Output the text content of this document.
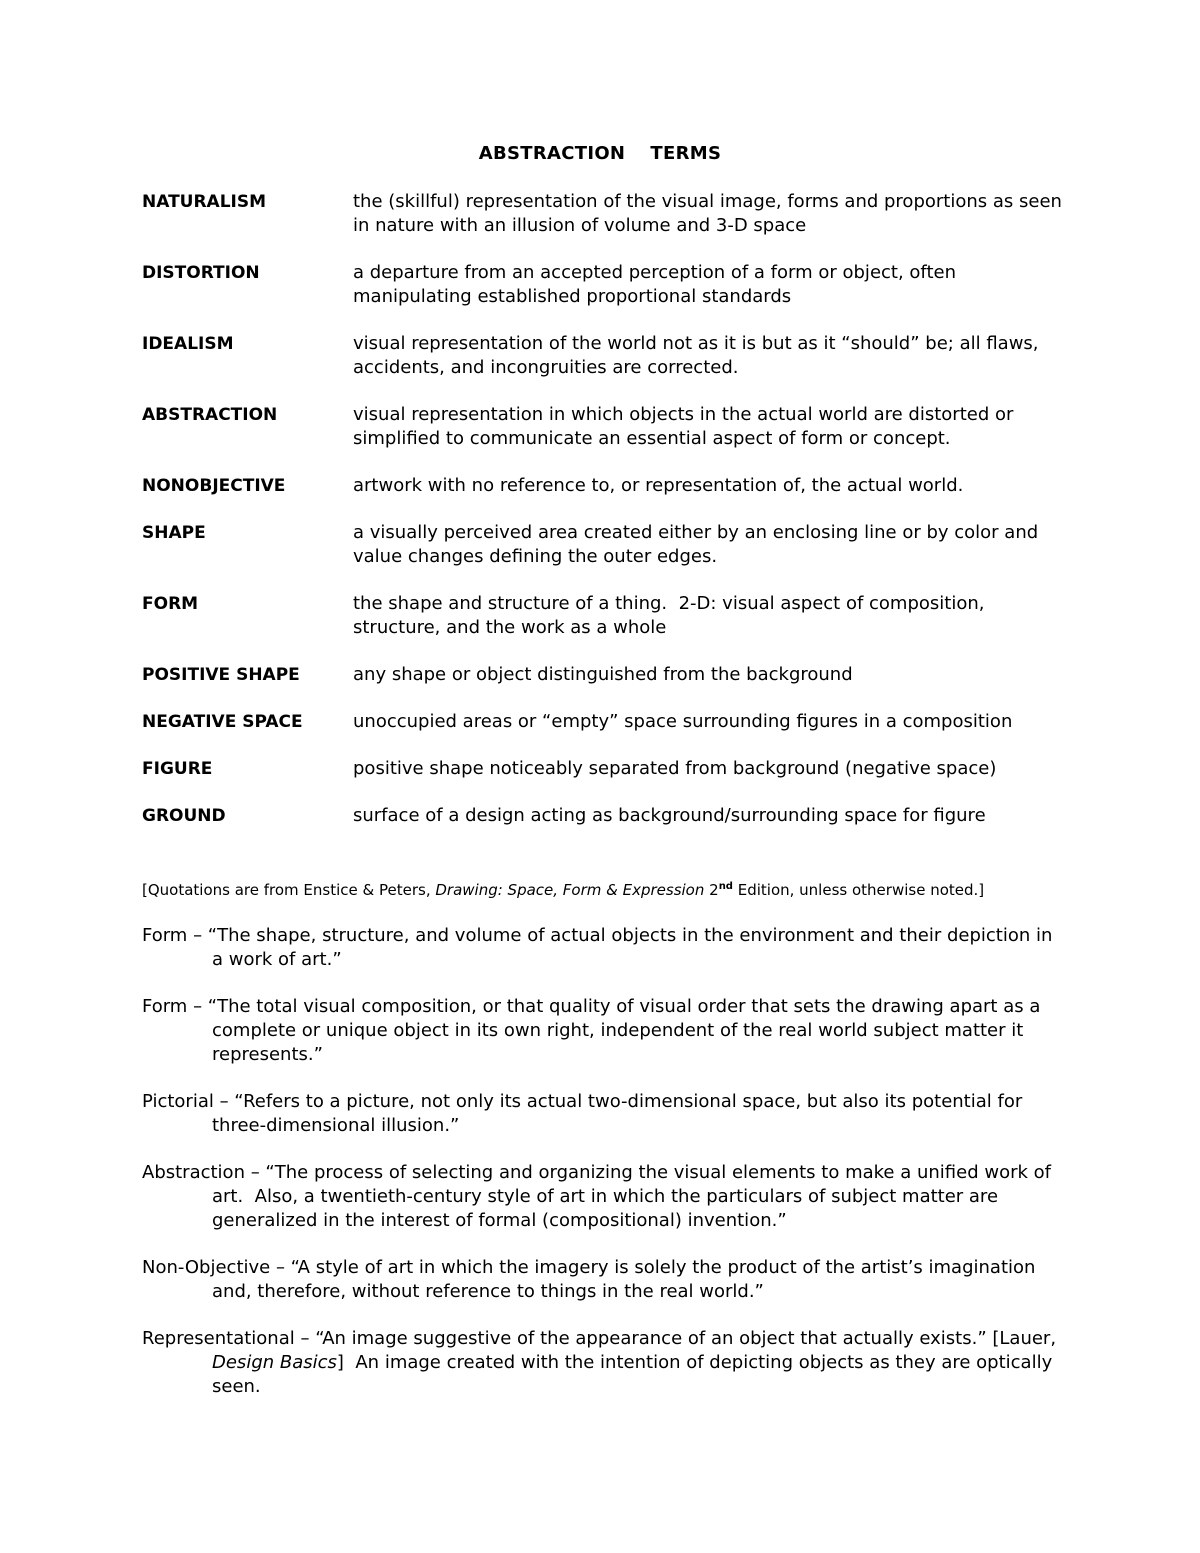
ABSTRACTION  TERMS
NATURALISM	the (skillful) representation of the visual image, forms and proportions as seen in nature with an illusion of volume and 3-D space
DISTORTION	a departure from an accepted perception of a form or object, often manipulating established proportional standards
IDEALISM	visual representation of the world not as it is but as it “should” be; all flaws, accidents, and incongruities are corrected.
ABSTRACTION	visual representation in which objects in the actual world are distorted or simplified to communicate an essential aspect of form or concept.
NONOBJECTIVE	artwork with no reference to, or representation of, the actual world.
SHAPE	a visually perceived area created either by an enclosing line or by color and value changes defining the outer edges.
FORM	the shape and structure of a thing.  2-D: visual aspect of composition, structure, and the work as a whole
POSITIVE SHAPE	any shape or object distinguished from the background
NEGATIVE SPACE	unoccupied areas or “empty” space surrounding figures in a composition
FIGURE	positive shape noticeably separated from background (negative space)
GROUND	surface of a design acting as background/surrounding space for figure
[Quotations are from Enstice & Peters, Drawing: Space, Form & Expression 2nd Edition, unless otherwise noted.]
Form – “The shape, structure, and volume of actual objects in the environment and their depiction in a work of art.”
Form – “The total visual composition, or that quality of visual order that sets the drawing apart as a complete or unique object in its own right, independent of the real world subject matter it represents.”
Pictorial – “Refers to a picture, not only its actual two-dimensional space, but also its potential for three-dimensional illusion.”
Abstraction – “The process of selecting and organizing the visual elements to make a unified work of art.  Also, a twentieth-century style of art in which the particulars of subject matter are generalized in the interest of formal (compositional) invention.”
Non-Objective – “A style of art in which the imagery is solely the product of the artist’s imagination and, therefore, without reference to things in the real world.”
Representational – “An image suggestive of the appearance of an object that actually exists.” [Lauer, Design Basics]  An image created with the intention of depicting objects as they are optically seen.
